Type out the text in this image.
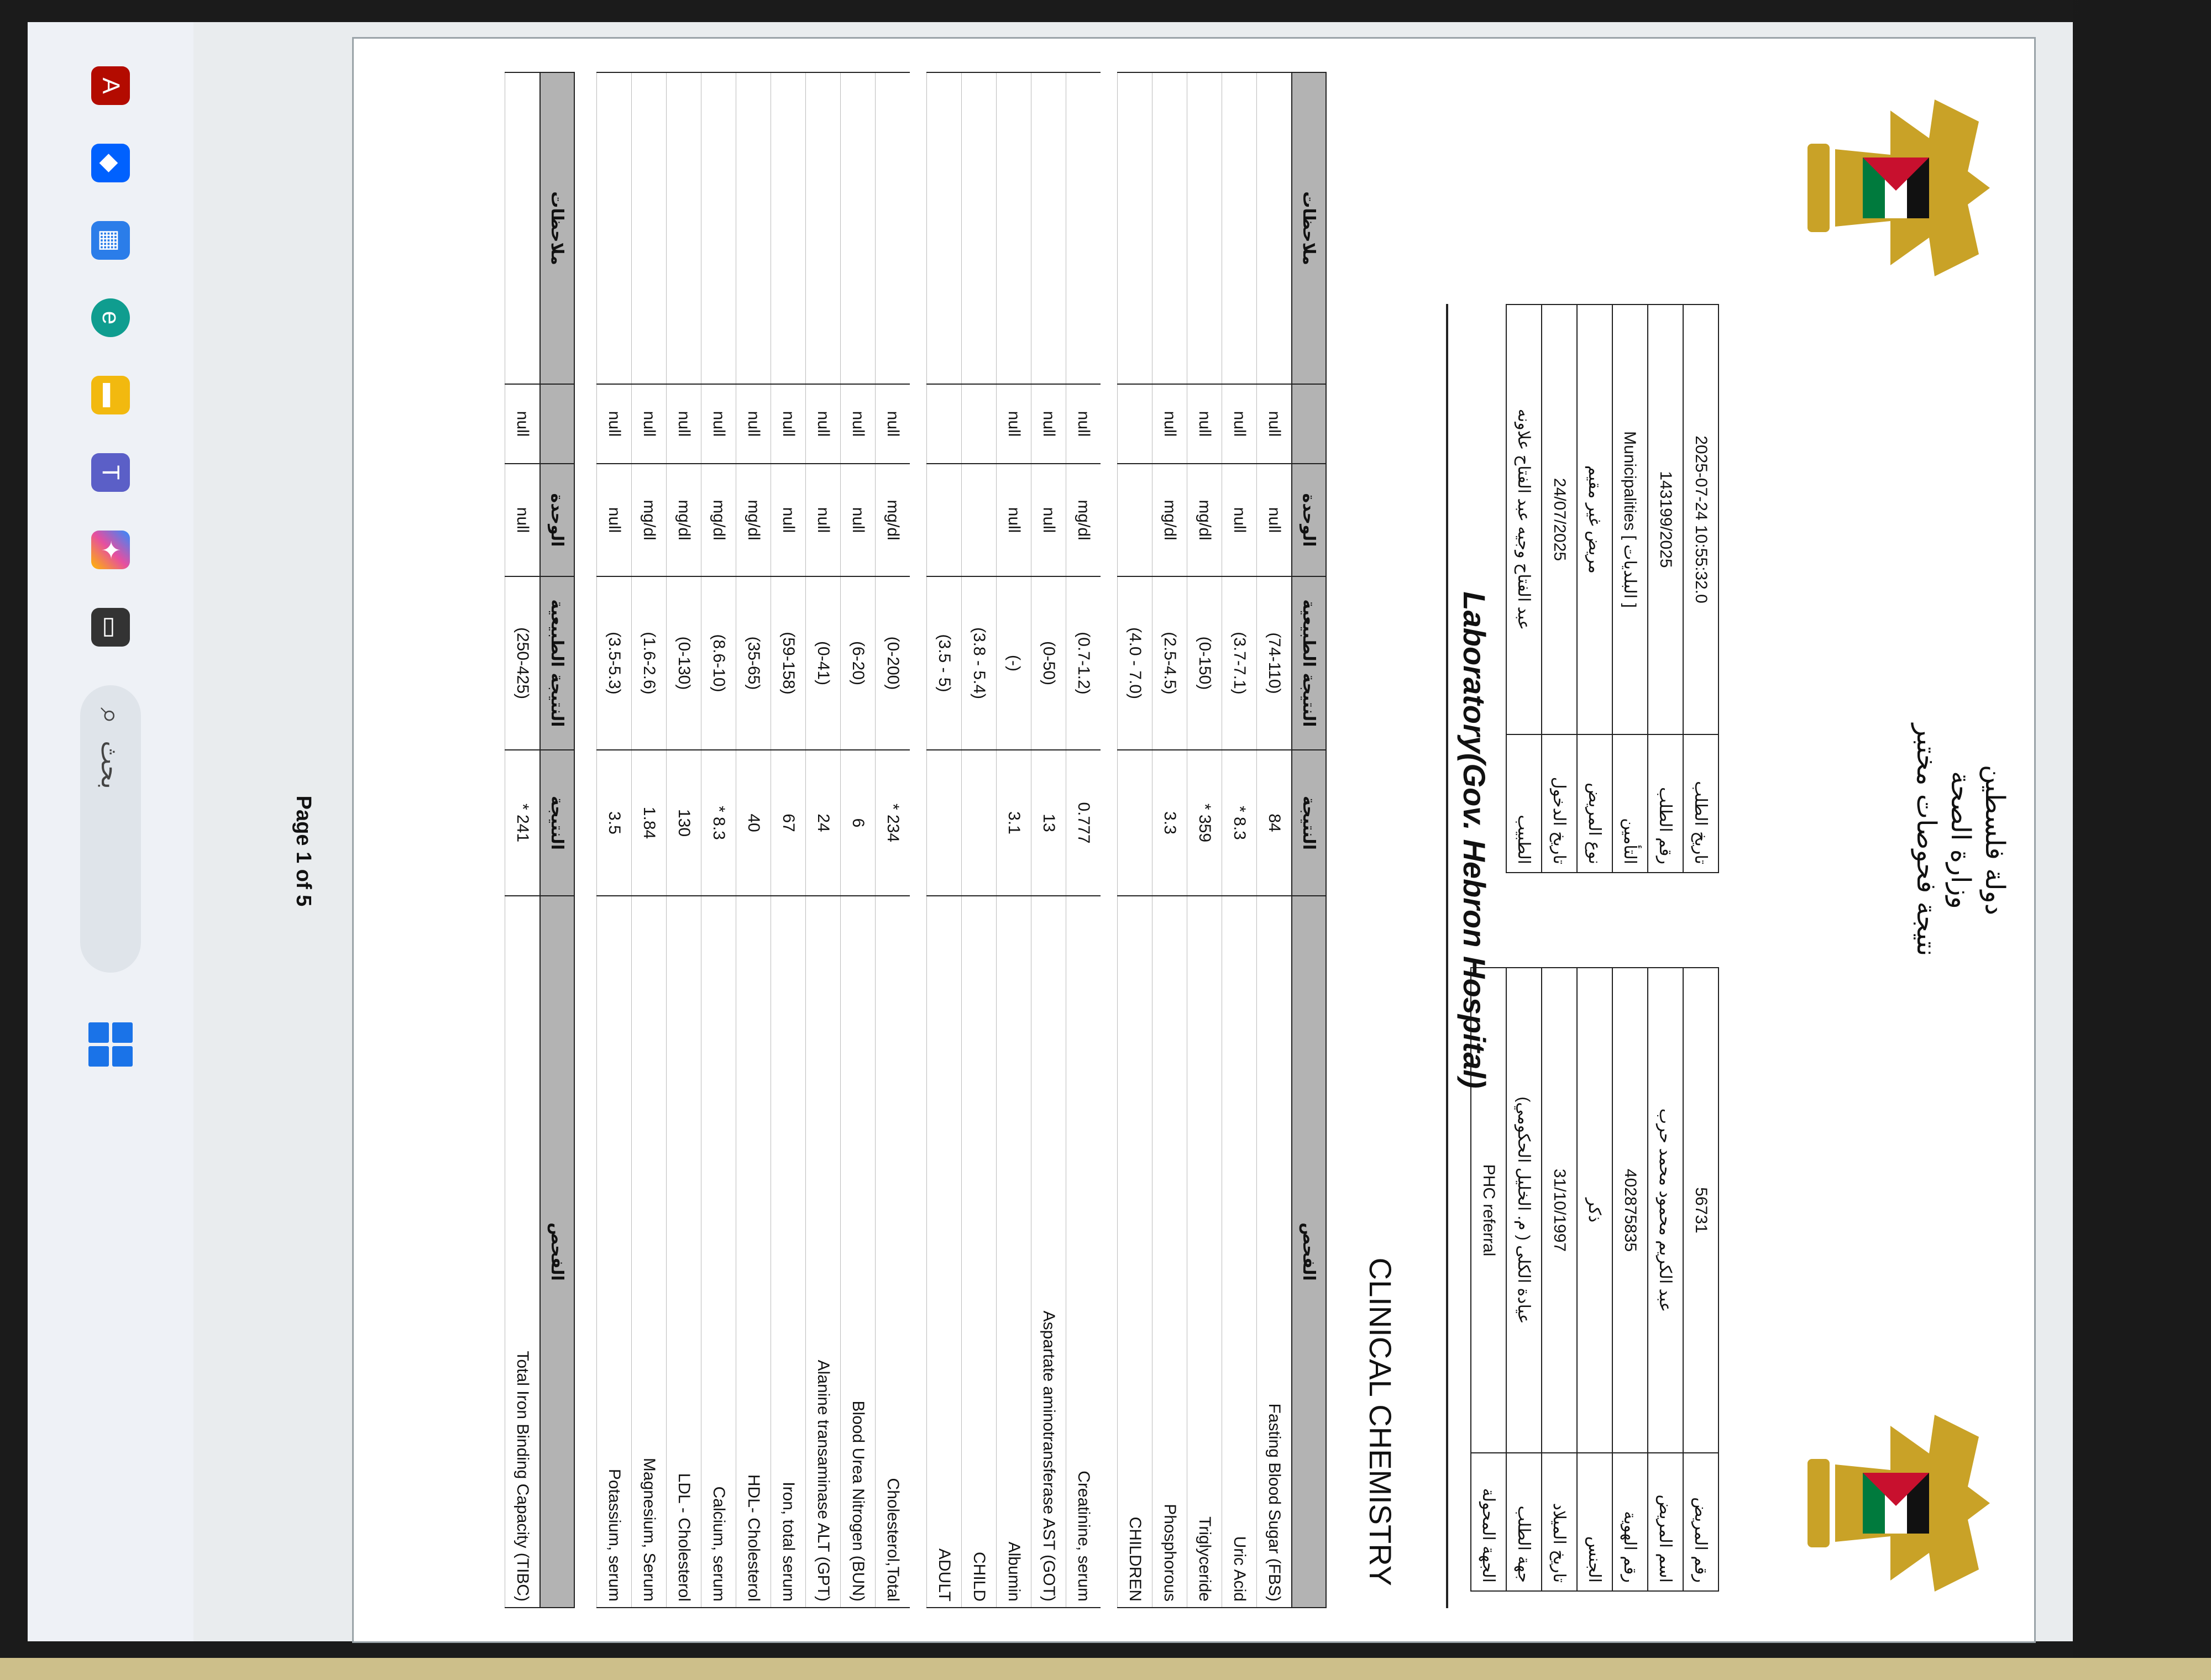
دولة فلسطين
وزارة الصحة
نتيجة فحوصات مختبر
2025-07-24 10:55:32.0	تاريخ الطلب
143199/2025	رقم الطلب
Municipalities [ البلديات ]	التأمين
مريض غير مقيم	نوع المريض
24/07/2025	تاريخ الدخول
عبد الفتاح وجيه عبد الفتاح علاونه	الطبيب
56731	رقم المريض
عبد الكريم محمود محمد حرب	اسم المريض
402875835	رقم الهوية
ذكر	الجنس
31/10/1997	تاريخ الميلاد
عيادة الكلى ( م. الخليل الحكومي)	جهة الطلب
PHC referral	الجهة المحولة
Laboratory(Gov. Hebron Hospital)
CLINICAL CHEMISTRY
ملاحظات		الوحدة	النتيجة الطبيعية	النتيجة	الفحص
	null	null	(74-110)	84	Fasting Blood Sugar (FBS)
	null	null	(3.7-7.1)	* 8.3	Uric Acid
	null	mg/dl	(0-150)	* 359	Triglyceride
	null	mg/dl	(2.5-4.5)	3.3	Phosphorous
			(4.0 - 7.0)		CHILDREN

	null	mg/dl	(0.7-1.2)	0.777	Creatinine, serum
	null	null	(0-50)	13	Aspartate aminotransferase AST (GOT)
	null	null	(-)	3.1	Albumin
			(3.8 - 5.4)		CHILD
			(3.5 - 5)		ADULT

	null	mg/dl	(0-200)	* 234	Cholesterol,Total
	null	null	(6-20)	6	Blood Urea Nitrogen (BUN)
	null	null	(0-41)	24	Alanine transaminase ALT (GPT)
	null	null	(59-158)	67	Iron, total serum
	null	mg/dl	(35-65)	40	HDL- Cholesterol
	null	mg/dl	(8.6-10)	* 8.3	Calcium, serum
	null	mg/dl	(0-130)	130	LDL - Cholesterol
	null	mg/dl	(1.6-2.6)	1.84	Magnesium, Serum
	null	null	(3.5-5.3)	3.5	Potassium, serum
ملاحظات		الوحدة	النتيجة الطبيعية	النتيجة	الفحص
	null	null	(250-425)	* 241	Total Iron Binding Capacity (TIBC)
Page 1 of 5
A
◆
▦
e
▬
T
✦
▭
⌕
بحث
